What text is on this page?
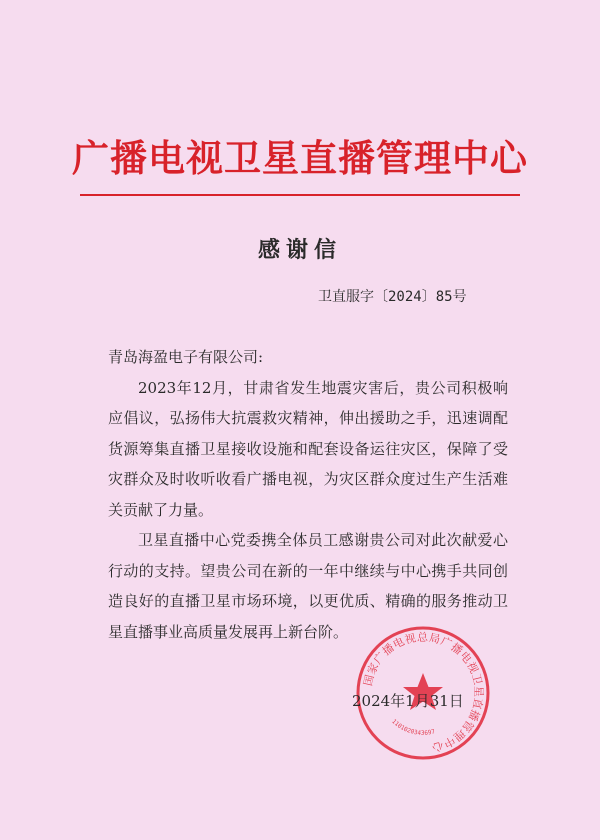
广播电视卫星直播管理中心
感谢信
卫直服字〔2024〕85号

青岛海盈电子有限公司:

2023年12月，甘肃省发生地震灾害后，贵公司积极响应倡议，弘扬伟大抗震救灾精神，伸出援助之手，迅速调配货源筹集直播卫星接收设施和配套设备运往灾区，保障了受灾群众及时收听收看广播电视，为灾区群众度过生产生活难关贡献了力量。

卫星直播中心党委携全体员工感谢贵公司对此次献爱心行动的支持。望贵公司在新的一年中继续与中心携手共同创造良好的直播卫星市场环境，以更优质、精确的服务推动卫星直播事业高质量发展再上新台阶。

国家广播电视总局广播电视卫星直播管理中心
1101020343697
2024年1月31日
